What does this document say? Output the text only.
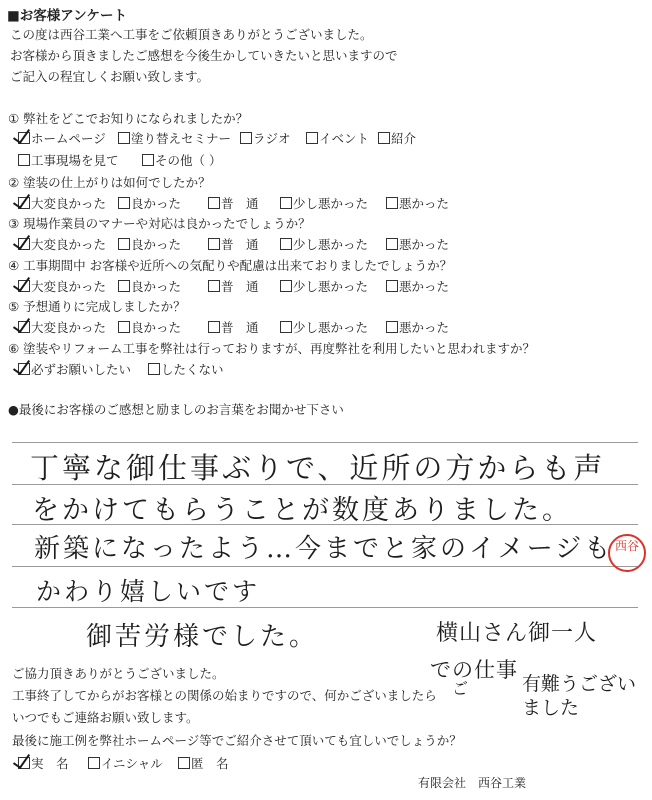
■お客様アンケート
この度は西谷工業へ工事をご依頼頂きありがとうございました。
お客様から頂きましたご感想を今後生かしていきたいと思いますので
ご記入の程宜しくお願い致します。
① 弊社をどこでお知りになられましたか？
ホームページ	塗り替えセミナー	ラジオ	イベント	紹介
工事現場を見て	その他（ ）
② 塗装の仕上がりは如何でしたか？
大変良かった	良かった	普　通	少し悪かった	悪かった
③ 現場作業員のマナーや対応は良かったでしょうか？
大変良かった	良かった	普　通	少し悪かった	悪かった
④ 工事期間中 お客様や近所への気配りや配慮は出来ておりましたでしょうか？
大変良かった	良かった	普　通	少し悪かった	悪かった
⑤ 予想通りに完成しましたか？
大変良かった	良かった	普　通	少し悪かった	悪かった
⑥ 塗装やリフォーム工事を弊社は行っておりますが、再度弊社を利用したいと思われますか？
必ずお願いしたい	したくない
●最後にお客様のご感想と励ましのお言葉をお聞かせ下さい
丁寧な御仕事ぶりで、近所の方からも声
をかけてもらうことが数度ありました。
新築になったよう…今までと家のイメージも
かわり嬉しいです
御苦労様でした。	横山さん御一人
での仕事
ご	有難うございました
西谷
ご協力頂きありがとうございました。
工事終了してからがお客様との関係の始まりですので、何かございましたら
いつでもご連絡お願い致します。
最後に施工例を弊社ホームページ等でご紹介させて頂いても宜しいでしょうか？
実　名	イニシャル	匿　名
有限会社　西谷工業
